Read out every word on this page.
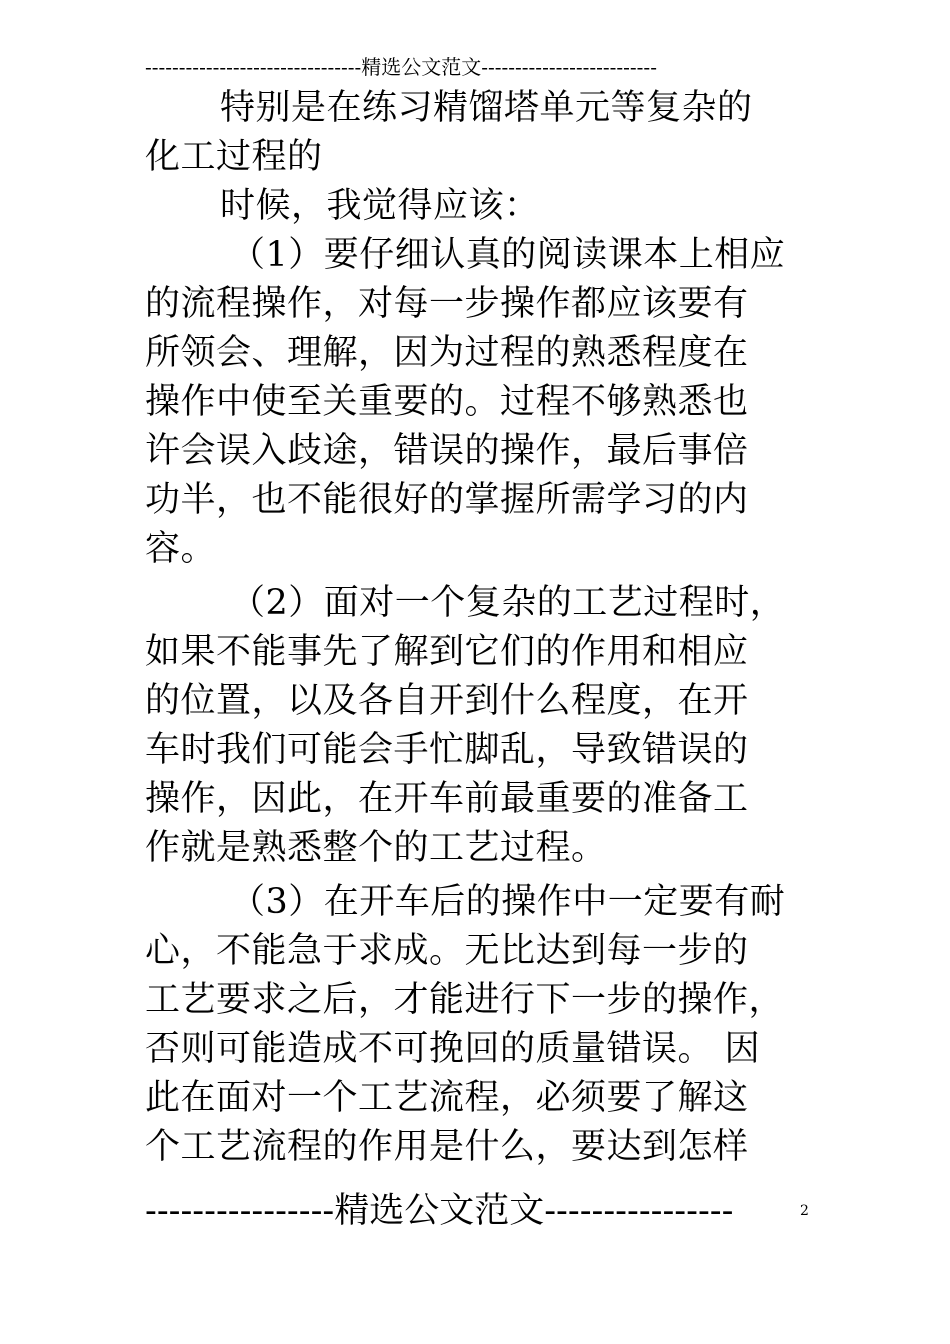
--------------------------------精选公文范文--------------------------
特别是在练习精馏塔单元等复杂的
化工过程的
时候，我觉得应该：
（1）要仔细认真的阅读课本上相应
的流程操作，对每一步操作都应该要有
所领会、理解，因为过程的熟悉程度在
操作中使至关重要的。过程不够熟悉也
许会误入歧途，错误的操作，最后事倍
功半，也不能很好的掌握所需学习的内
容。
（2）面对一个复杂的工艺过程时，
如果不能事先了解到它们的作用和相应
的位置，以及各自开到什么程度，在开
车时我们可能会手忙脚乱，导致错误的
操作，因此，在开车前最重要的准备工
作就是熟悉整个的工艺过程。
（3）在开车后的操作中一定要有耐
心，不能急于求成。无比达到每一步的
工艺要求之后，才能进行下一步的操作，
否则可能造成不可挽回的质量错误。 因
此在面对一个工艺流程，必须要了解这
个工艺流程的作用是什么，要达到怎样
----------------精选公文范文----------------	2
